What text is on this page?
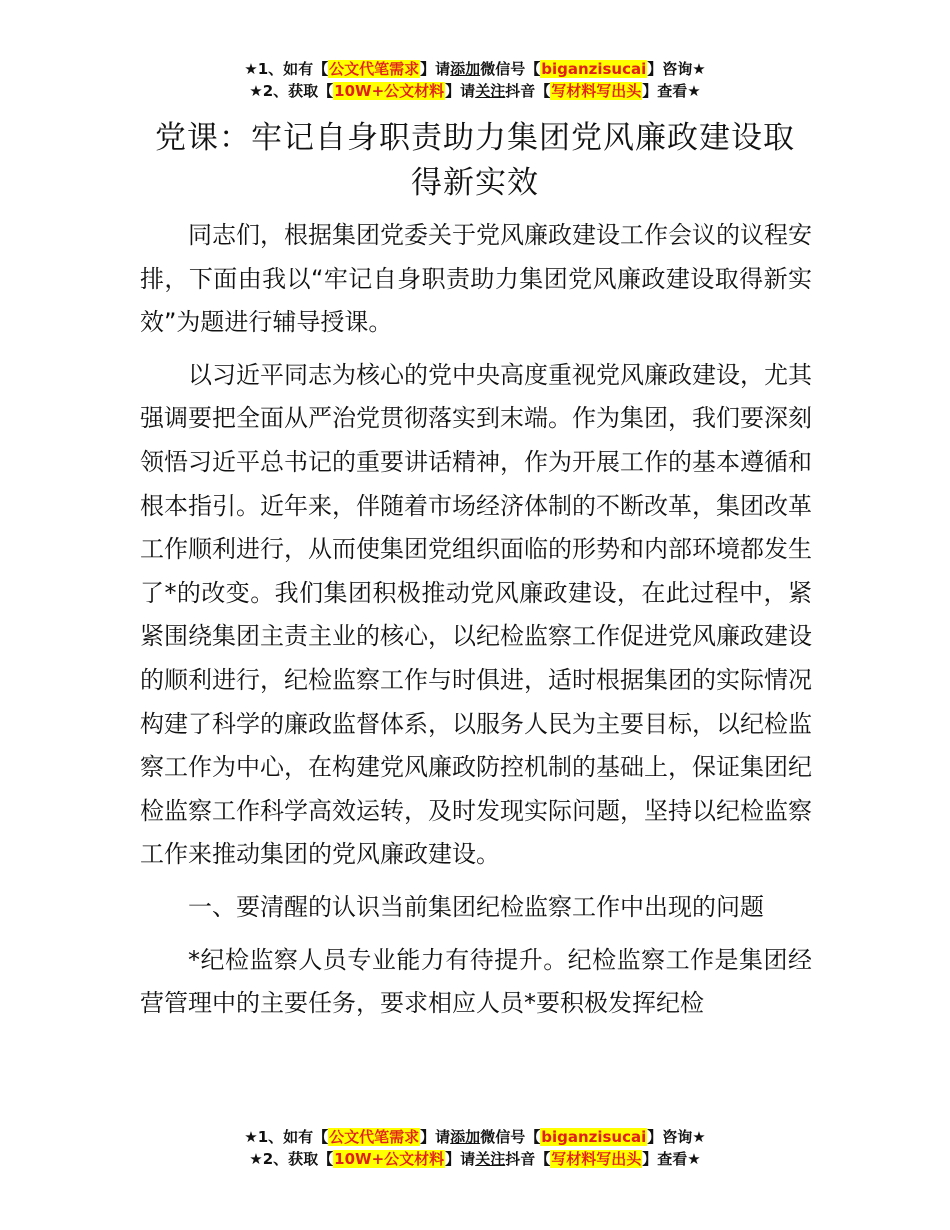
★1、如有【公文代笔需求】请添加微信号【biganzisucai】咨询★
★2、获取【10W+公文材料】请关注抖音【写材料写出头】查看★
党课：牢记自身职责助力集团党风廉政建设取得新实效

同志们，根据集团党委关于党风廉政建设工作会议的议程安排，下面由我以“牢记自身职责助力集团党风廉政建设取得新实效”为题进行辅导授课。

以习近平同志为核心的党中央高度重视党风廉政建设，尤其强调要把全面从严治党贯彻落实到末端。作为集团，我们要深刻领悟习近平总书记的重要讲话精神，作为开展工作的基本遵循和根本指引。近年来，伴随着市场经济体制的不断改革，集团改革工作顺利进行，从而使集团党组织面临的形势和内部环境都发生了*的改变。我们集团积极推动党风廉政建设，在此过程中，紧紧围绕集团主责主业的核心，以纪检监察工作促进党风廉政建设的顺利进行，纪检监察工作与时俱进，适时根据集团的实际情况构建了科学的廉政监督体系，以服务人民为主要目标，以纪检监察工作为中心，在构建党风廉政防控机制的基础上，保证集团纪检监察工作科学高效运转，及时发现实际问题，坚持以纪检监察工作来推动集团的党风廉政建设。

一、要清醒的认识当前集团纪检监察工作中出现的问题

*纪检监察人员专业能力有待提升。纪检监察工作是集团经营管理中的主要任务，要求相应人员*要积极发挥纪检

★1、如有【公文代笔需求】请添加微信号【biganzisucai】咨询★
★2、获取【10W+公文材料】请关注抖音【写材料写出头】查看★
